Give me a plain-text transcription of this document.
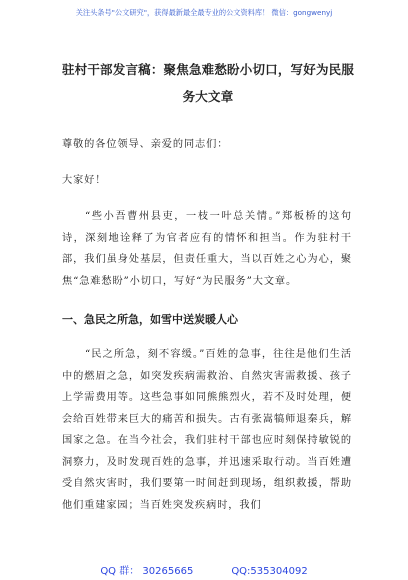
关注头条号"公文研究"，获得最新最全最专业的公文资料库！ 微信：gongwenyj
驻村干部发言稿：聚焦急难愁盼小切口，写好为民服务大文章
尊敬的各位领导、亲爱的同志们：
大家好！
“些小吾曹州县吏，一枝一叶总关情。”郑板桥的这句诗，深刻地诠释了为官者应有的情怀和担当。作为驻村干部，我们虽身处基层，但责任重大，当以百姓之心为心，聚焦“急难愁盼”小切口，写好“为民服务”大文章。
一、急民之所急，如雪中送炭暖人心
“民之所急，刻不容缓。”百姓的急事，往往是他们生活中的燃眉之急，如突发疾病需救治、自然灾害需救援、孩子上学需费用等。这些急事如同熊熊烈火，若不及时处理，便会给百姓带来巨大的痛苦和损失。古有张嵩犒师退秦兵，解国家之急。在当今社会，我们驻村干部也应时刻保持敏锐的洞察力，及时发现百姓的急事，并迅速采取行动。当百姓遭受自然灾害时，我们要第一时间赶到现场，组织救援，帮助他们重建家园；当百姓突发疾病时，我们
QQ 群： 30265665	QQ:535304092
